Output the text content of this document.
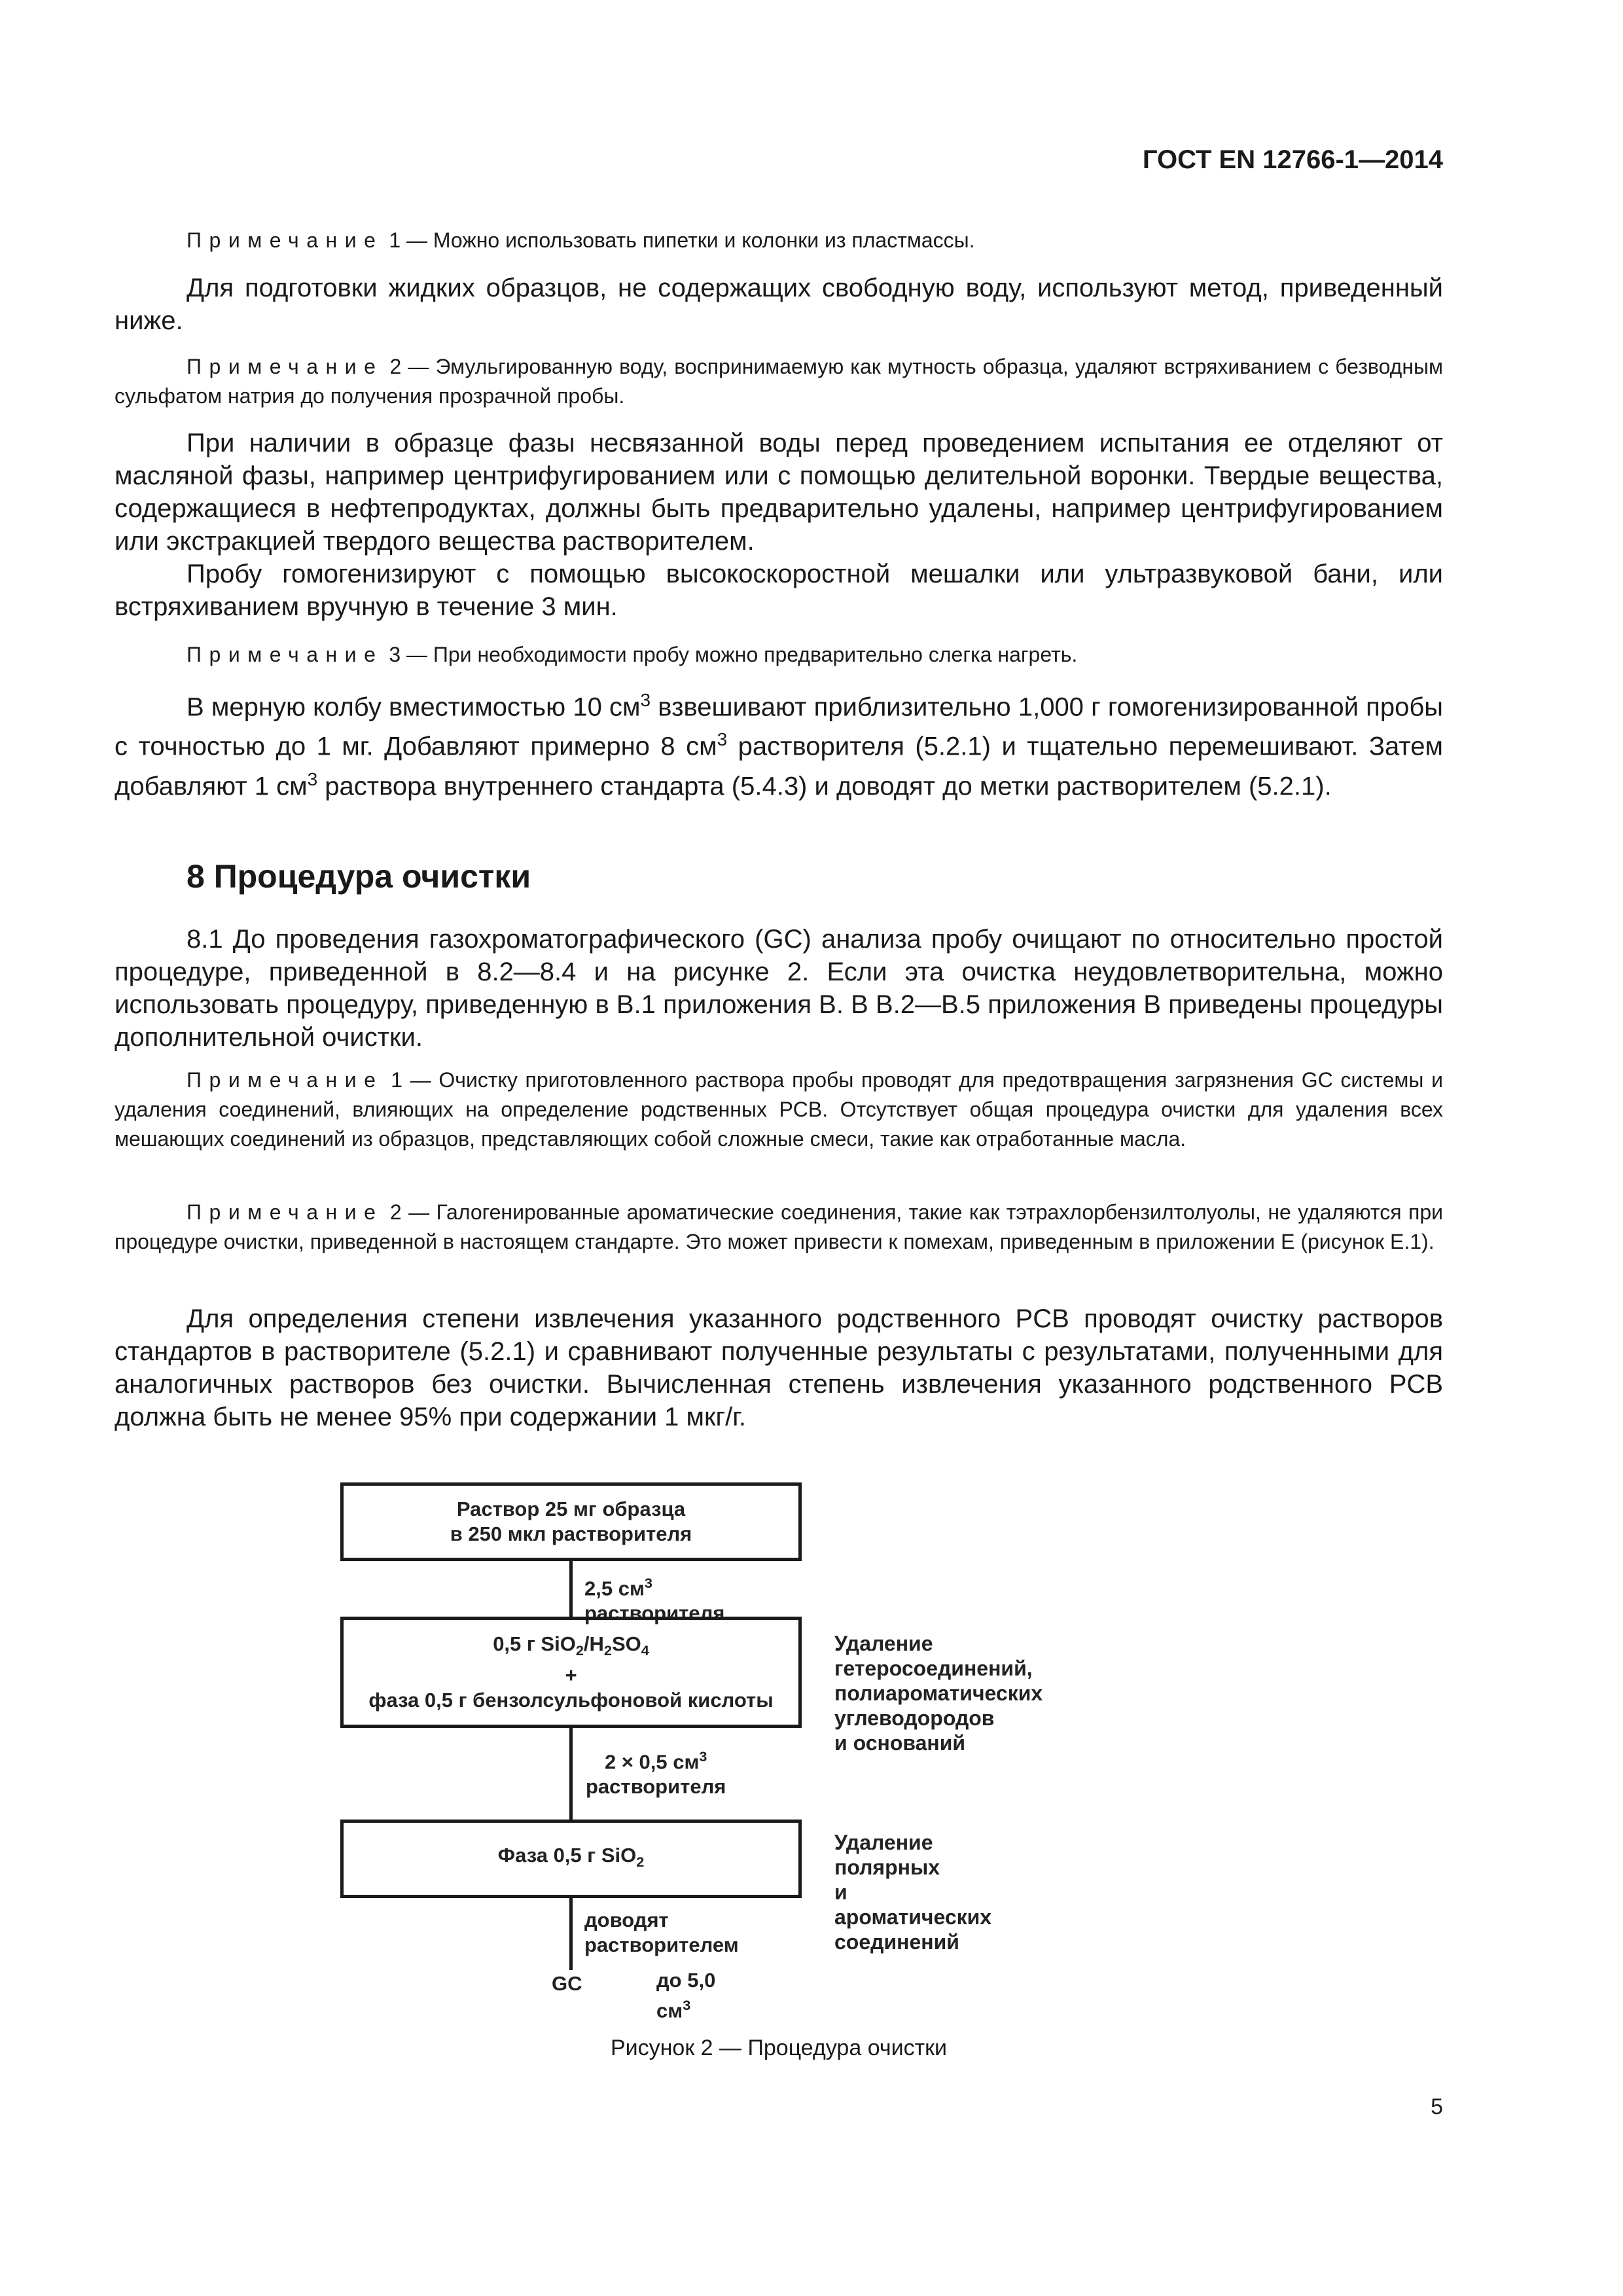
ГОСТ EN 12766-1—2014
Примечание 1 — Можно использовать пипетки и колонки из пластмассы.
Для подготовки жидких образцов, не содержащих свободную воду, используют метод, приведенный ниже.
Примечание 2 — Эмульгированную воду, воспринимаемую как мутность образца, удаляют встряхиванием с безводным сульфатом натрия до получения прозрачной пробы.
При наличии в образце фазы несвязанной воды перед проведением испытания ее отделяют от масляной фазы, например центрифугированием или с помощью делительной воронки. Твердые вещества, содержащиеся в нефтепродуктах, должны быть предварительно удалены, например центрифугированием или экстракцией твердого вещества растворителем.
Пробу гомогенизируют с помощью высокоскоростной мешалки или ультразвуковой бани, или встряхиванием вручную в течение 3 мин.
Примечание 3 — При необходимости пробу можно предварительно слегка нагреть.
В мерную колбу вместимостью 10 $см^3$ взвешивают приблизительно 1,000 г гомогенизированной пробы с точностью до 1 мг. Добавляют примерно 8 $см^3$ растворителя (5.2.1) и тщательно перемешивают. Затем добавляют 1 $см^3$ раствора внутреннего стандарта (5.4.3) и доводят до метки растворителем (5.2.1).
8 Процедура очистки
8.1 До проведения газохроматографического (GC) анализа пробу очищают по относительно простой процедуре, приведенной в 8.2—8.4 и на рисунке 2. Если эта очистка неудовлетворительна, можно использовать процедуру, приведенную в В.1 приложения В. В В.2—В.5 приложения В приведены процедуры дополнительной очистки.
Примечание 1 — Очистку приготовленного раствора пробы проводят для предотвращения загрязнения GC системы и удаления соединений, влияющих на определение родственных PCB. Отсутствует общая процедура очистки для удаления всех мешающих соединений из образцов, представляющих собой сложные смеси, такие как отработанные масла.
Примечание 2 — Галогенированные ароматические соединения, такие как тэтрахлорбензилтолуолы, не удаляются при процедуре очистки, приведенной в настоящем стандарте. Это может привести к помехам, приведенным в приложении Е (рисунок Е.1).
Для определения степени извлечения указанного родственного PCB проводят очистку растворов стандартов в растворителе (5.2.1) и сравнивают полученные результаты с результатами, полученными для аналогичных растворов без очистки. Вычисленная степень извлечения указанного родственного PCB должна быть не менее 95% при содержании 1 мкг/г.
Раствор 25 мг образца
в 250 мкл растворителя
2,5 $см^3$ растворителя
0,5 г $SiO_2/H_2SO_4$
+
фаза 0,5 г бензолсульфоновой кислоты
Удаление гетеросоединений,
полиароматических углеводородов
и оснований
2 × 0,5 $см^3$
растворителя
Фаза 0,5 г SiO$_2$
Удаление полярных
и ароматических соединений
доводят растворителем
до 5,0 $см^3$
GC
Рисунок 2 — Процедура очистки
5
